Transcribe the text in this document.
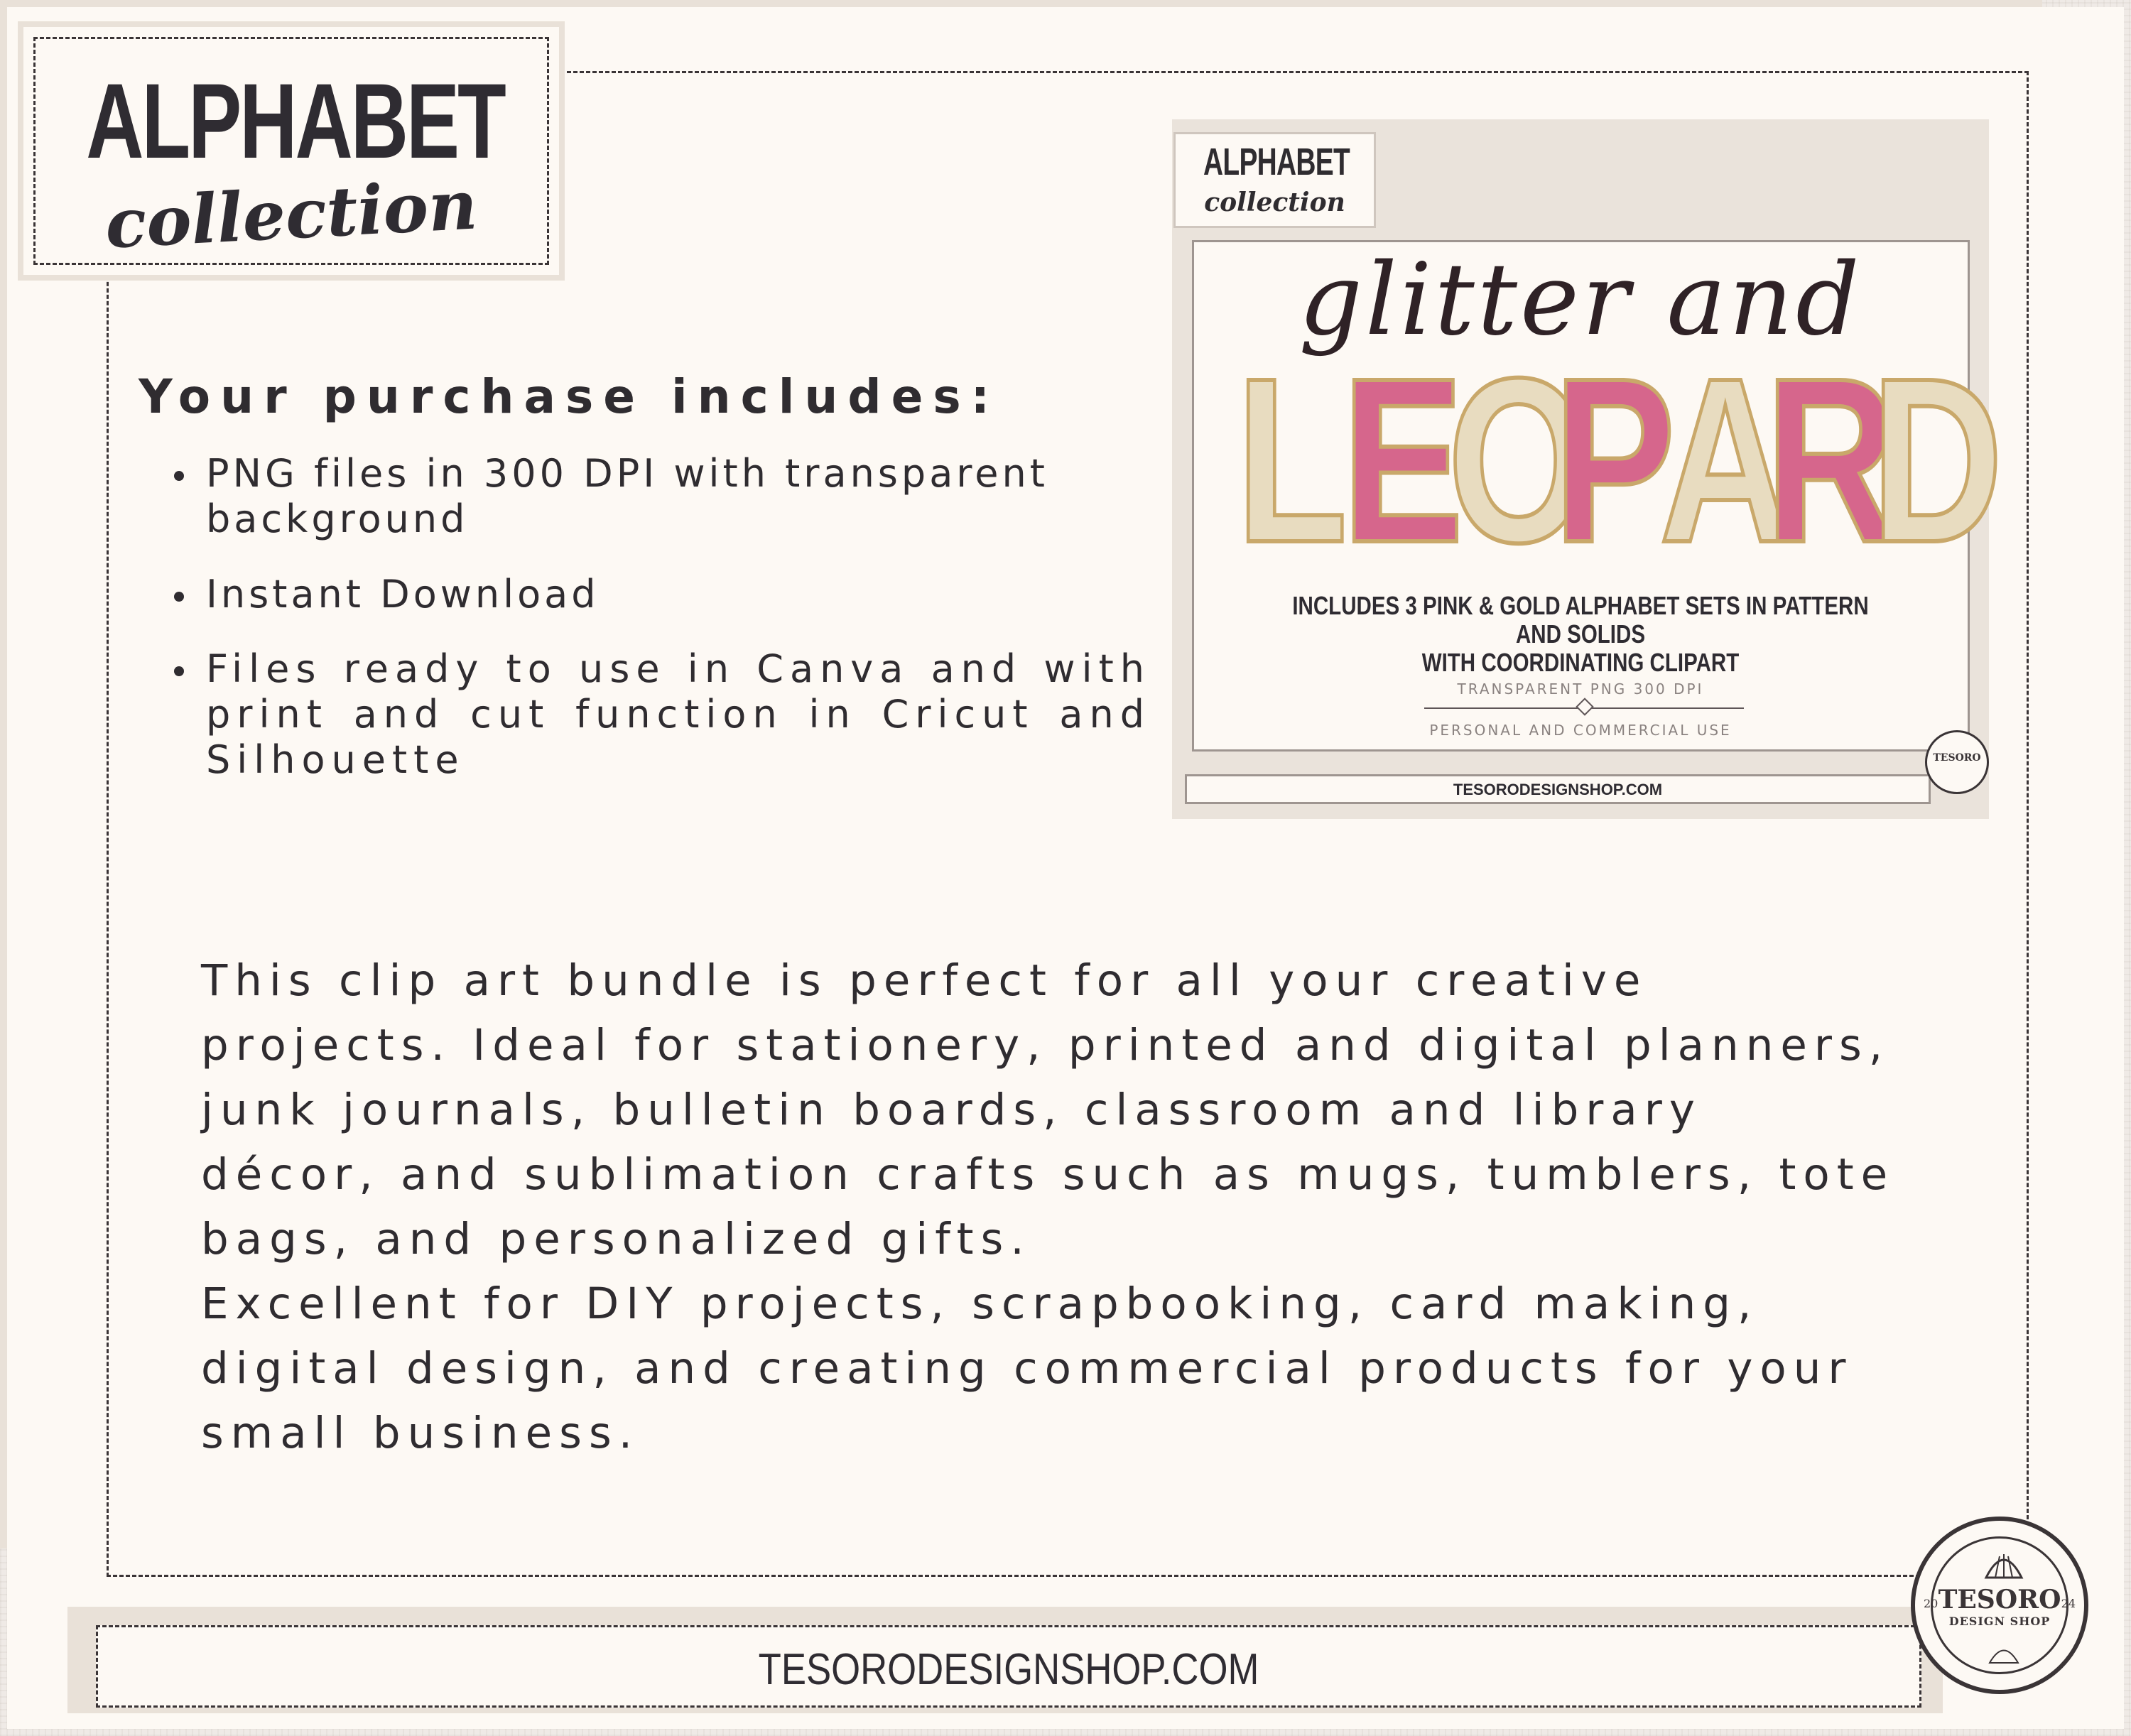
ALPHABET
collection
Your purchase includes:
PNG files in 300 DPI with transparent background
Instant Download
Files ready to use in Canva and with print and cut function in Cricut and Silhouette
This clip art bundle is perfect for all your creative
projects. Ideal for stationery, printed and digital planners,
junk journals, bulletin boards, classroom and library
décor, and sublimation crafts such as mugs, tumblers, tote
bags, and personalized gifts.
Excellent for DIY projects, scrapbooking, card making,
digital design, and creating commercial products for your
small business.
ALPHABET
collection
glitter and
L
E
O
P
A
R
D
INCLUDES 3 PINK & GOLD ALPHABET SETS IN PATTERN AND SOLIDS
WITH COORDINATING CLIPART
TRANSPARENT PNG 300 DPI
PERSONAL AND COMMERCIAL USE
TESORODESIGNSHOP.COM
TESORO
TESORODESIGNSHOP.COM
TESORO
DESIGN SHOP
20	24
